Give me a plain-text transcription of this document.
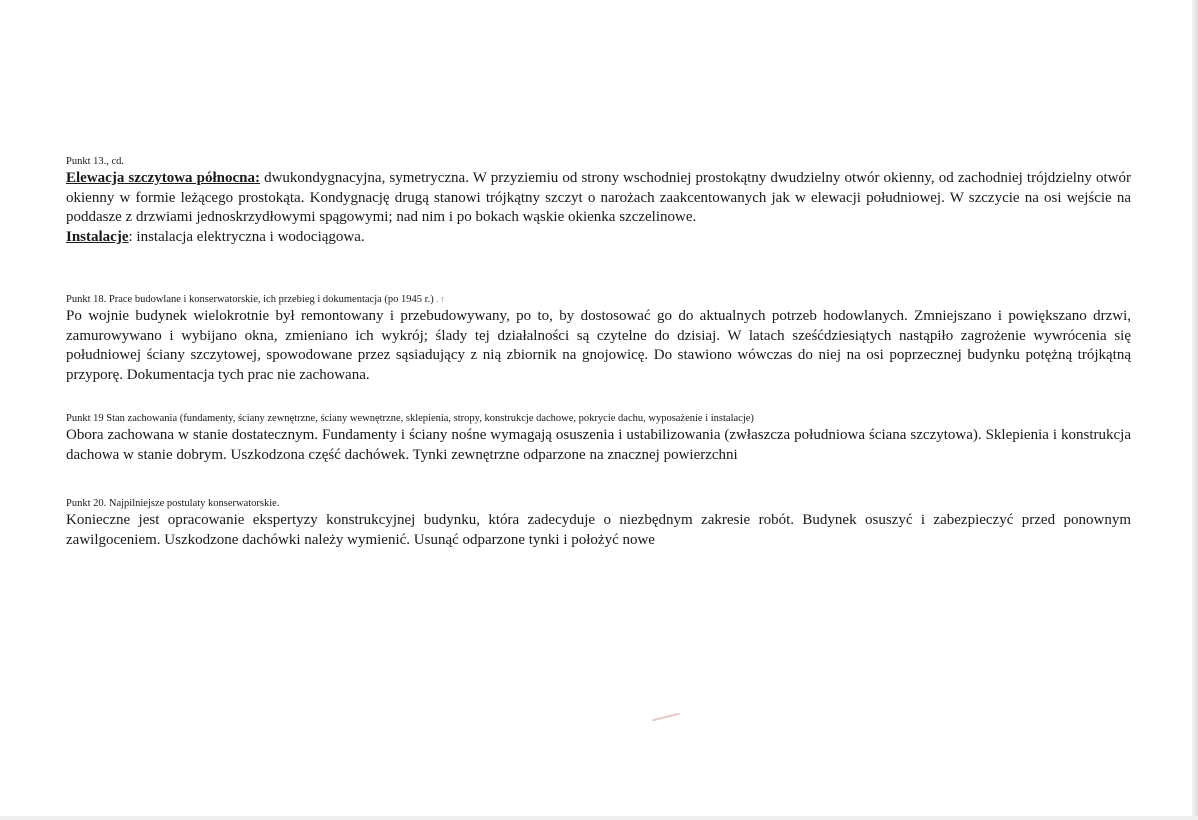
Punkt 13., cd.

Elewacja szczytowa północna: dwukondygnacyjna, symetryczna. W przyziemiu od strony wschodniej prostokątny dwudzielny otwór okienny, od zachodniej trójdzielny otwór okienny w formie leżącego prostokąta. Kondygnację drugą stanowi trójkątny szczyt o narożach zaakcentowanych jak w elewacji południowej. W szczycie na osi wejście na poddasze z drzwiami jednoskrzydłowymi spągowymi; nad nim i po bokach wąskie okienka szczelinowe.

Instalacje: instalacja elektryczna i wodociągowa.

Punkt 18. Prace budowlane i konserwatorskie, ich przebieg i dokumentacja (po 1945 r.) . ↑

Po wojnie budynek wielokrotnie był remontowany i przebudowywany, po to, by dostosować go do aktualnych potrzeb hodowlanych. Zmniejszano i powiększano drzwi, zamurowywano i wybijano okna, zmieniano ich wykrój; ślady tej działalności są czytelne do dzisiaj. W latach sześćdziesiątych nastąpiło zagrożenie wywrócenia się południowej ściany szczytowej, spowodowane przez sąsiadujący z nią zbiornik na gnojowicę. Do stawiono wówczas do niej na osi poprzecznej budynku potężną trójkątną przyporę. Dokumentacja tych prac nie zachowana.

Punkt 19 Stan zachowania (fundamenty, ściany zewnętrzne, ściany wewnętrzne, sklepienia, stropy, konstrukcje dachowe, pokrycie dachu, wyposażenie i instalacje)

Obora zachowana w stanie dostatecznym. Fundamenty i ściany nośne wymagają osuszenia i ustabilizowania (zwłaszcza południowa ściana szczytowa). Sklepienia i konstrukcja dachowa w stanie dobrym. Uszkodzona część dachówek. Tynki zewnętrzne odparzone na znacznej powierzchni

Punkt 20. Najpilniejsze postulaty konserwatorskie.

Konieczne jest opracowanie ekspertyzy konstrukcyjnej budynku, która zadecyduje o niezbędnym zakresie robót. Budynek osuszyć i zabezpieczyć przed ponownym zawilgoceniem. Uszkodzone dachówki należy wymienić. Usunąć odparzone tynki i położyć nowe
